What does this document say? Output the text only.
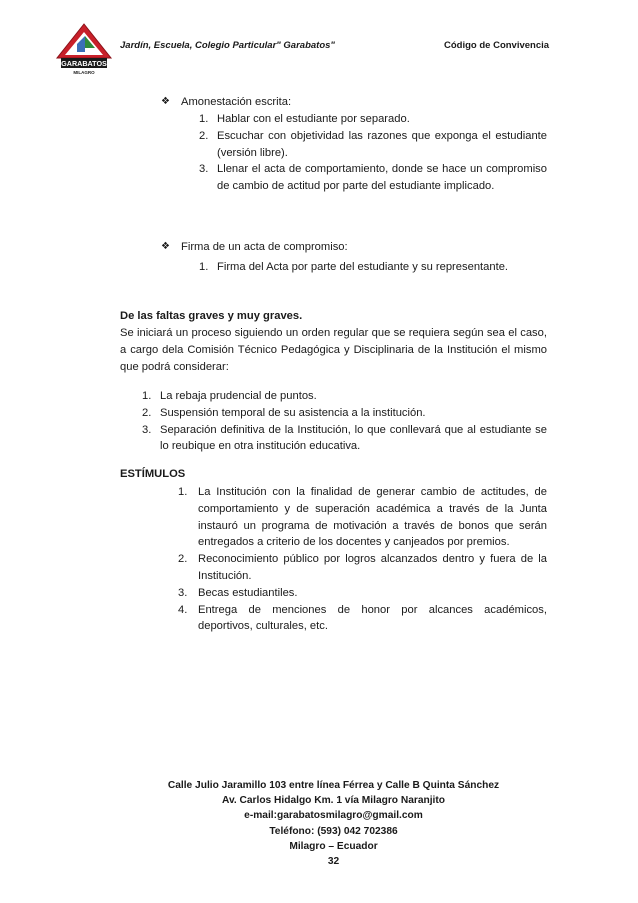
GARABATOS
MILAGRO
Jardín, Escuela, Colegio Particular" Garabatos"	Código de Convivencia
❖ Amonestación escrita:
1. Hablar con el estudiante por separado.
2. Escuchar con objetividad las razones que exponga el estudiante (versión libre).
3. Llenar el acta de comportamiento, donde se hace un compromiso de cambio de actitud por parte del estudiante implicado.
❖ Firma de un acta de compromiso:
1. Firma del Acta por parte del estudiante y su representante.
De las faltas graves y muy graves.
Se iniciará un proceso siguiendo un orden regular que se requiera según sea el caso, a cargo dela Comisión Técnico Pedagógica y Disciplinaria de la Institución el mismo que podrá considerar:
1. La rebaja prudencial de puntos.
2. Suspensión temporal de su asistencia a la institución.
3. Separación definitiva de la Institución, lo que conllevará que al estudiante se lo reubique en otra institución educativa.
ESTÍMULOS
1. La Institución con la finalidad de generar cambio de actitudes, de comportamiento y de superación académica a través de la Junta instauró un programa de motivación a través de bonos que serán entregados a criterio de los docentes y canjeados por premios.
2. Reconocimiento público por logros alcanzados dentro y fuera de la Institución.
3. Becas estudiantiles.
4. Entrega de menciones de honor por alcances académicos, deportivos, culturales, etc.
Calle Julio Jaramillo 103 entre línea Férrea y Calle B Quinta Sánchez
Av. Carlos Hidalgo Km. 1 vía Milagro Naranjito
e-mail:garabatosmilagro@gmail.com
Teléfono: (593) 042 702386
Milagro – Ecuador
32
